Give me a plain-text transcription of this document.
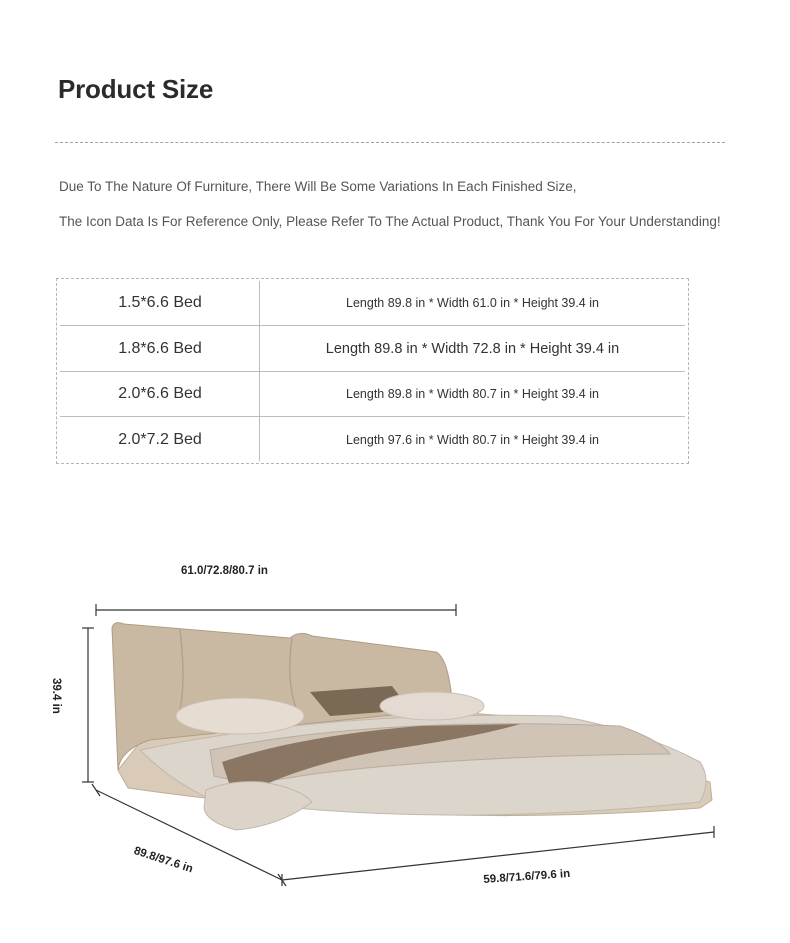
Product Size
Due To The Nature Of Furniture, There Will Be Some Variations In Each Finished Size,
The Icon Data Is For Reference Only, Please Refer To The Actual Product, Thank You For Your Understanding!
1.5*6.6 Bed	Length 89.8 in * Width 61.0 in * Height 39.4 in
1.8*6.6 Bed	Length 89.8 in * Width 72.8 in * Height 39.4 in
2.0*6.6 Bed	Length 89.8 in * Width 80.7 in * Height 39.4 in
2.0*7.2 Bed	Length 97.6 in * Width 80.7 in * Height 39.4 in
61.0/72.8/80.7 in
39.4 in
89.8/97.6 in
59.8/71.6/79.6 in
